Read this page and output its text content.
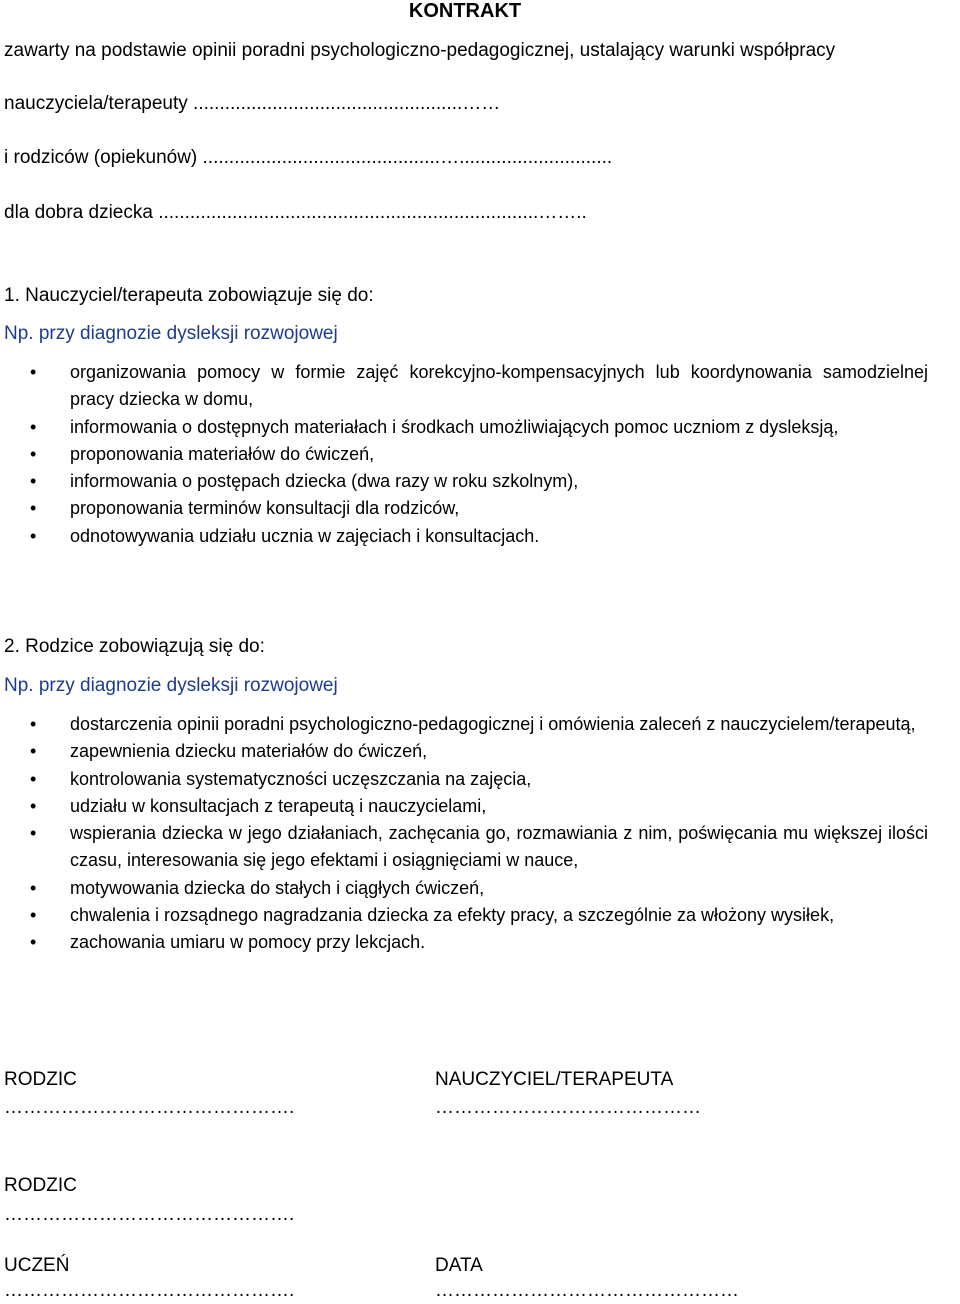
KONTRAKT
zawarty na podstawie opinii poradni psychologiczno-pedagogicznej, ustalający warunki współpracy
nauczyciela/terapeuty ...................................................……
i rodziców (opiekunów) .............................................….............................
dla dobra dziecka ........................................................................……..
1. Nauczyciel/terapeuta zobowiązuje się do:
Np. przy diagnozie dysleksji rozwojowej
• organizowania pomocy w formie zajęć korekcyjno-kompensacyjnych lub koordynowania samodzielnej pracy dziecka w domu,
• informowania o dostępnych materiałach i środkach umożliwiających pomoc uczniom z dysleksją,
• proponowania materiałów do ćwiczeń,
• informowania o postępach dziecka (dwa razy w roku szkolnym),
• proponowania terminów konsultacji dla rodziców,
• odnotowywania udziału ucznia w zajęciach i konsultacjach.
2. Rodzice zobowiązują się do:
Np. przy diagnozie dysleksji rozwojowej
• dostarczenia opinii poradni psychologiczno-pedagogicznej i omówienia zaleceń z nauczycielem/terapeutą,
• zapewnienia dziecku materiałów do ćwiczeń,
• kontrolowania systematyczności uczęszczania na zajęcia,
• udziału w konsultacjach z terapeutą i nauczycielami,
• wspierania dziecka w jego działaniach, zachęcania go, rozmawiania z nim, poświęcania mu większej ilości czasu, interesowania się jego efektami i osiągnięciami w nauce,
• motywowania dziecka do stałych i ciągłych ćwiczeń,
• chwalenia i rozsądnego nagradzania dziecka za efekty pracy, a szczególnie za włożony wysiłek,
• zachowania umiaru w pomocy przy lekcjach.
RODZIC	NAUCZYCIEL/TERAPEUTA
……………………………………….	……………………………………
RODZIC
……………………………………….
UCZEŃ	DATA
……………………………………….	…………………………………………
